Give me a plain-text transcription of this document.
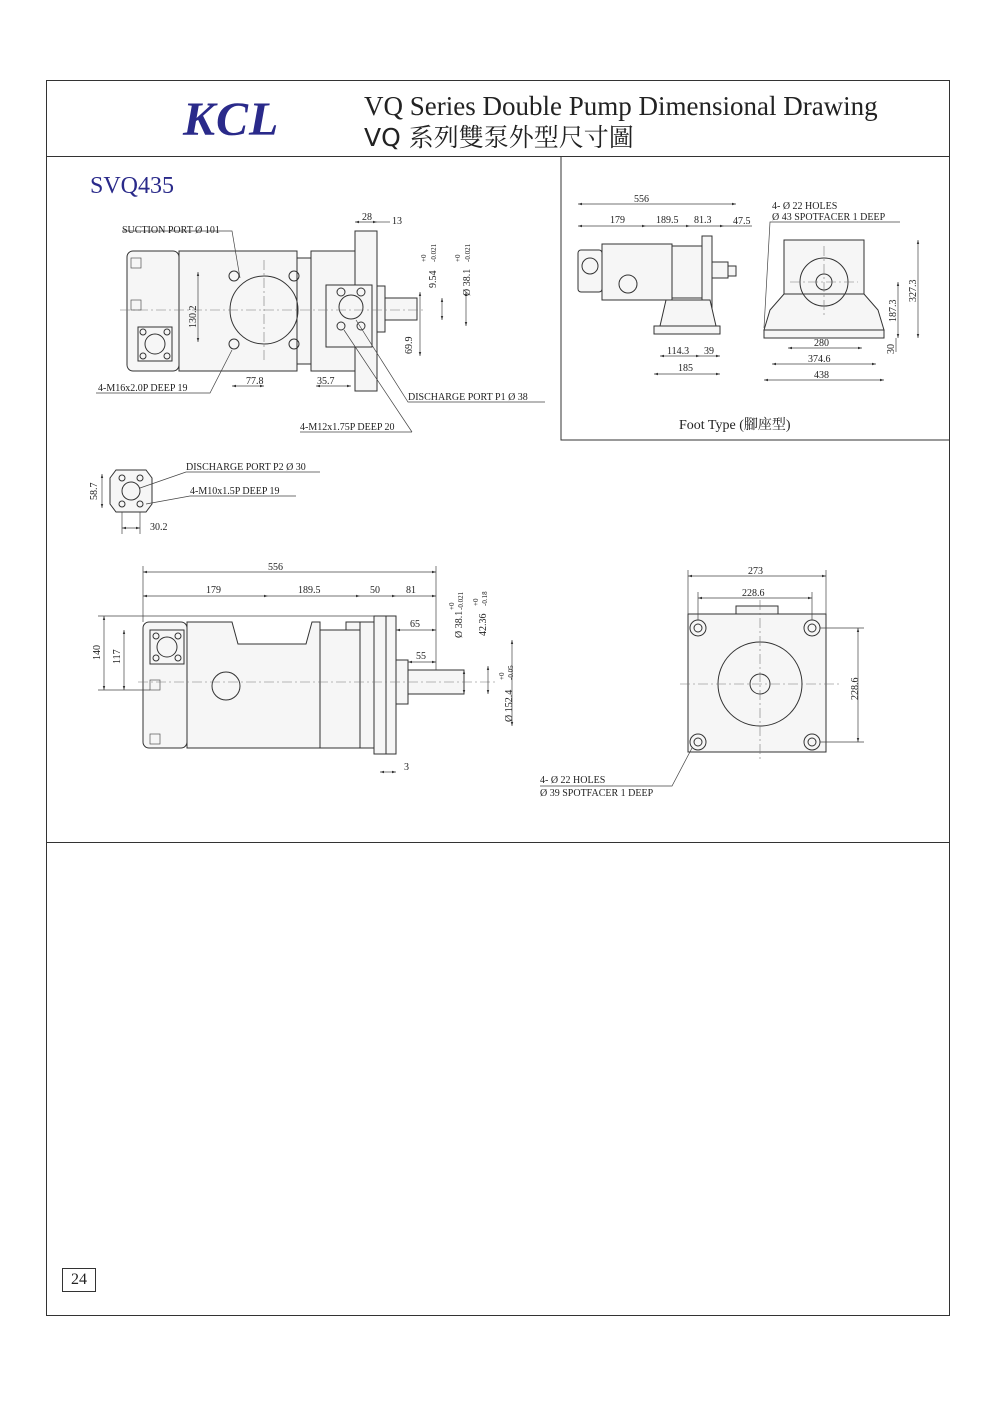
KCL	VQ Series Double Pump Dimensional Drawing
VQ 系列雙泵外型尺寸圖
SVQ435
24
SUCTION PORT Ø 101
4-M16x2.0P DEEP 19
DISCHARGE PORT P1 Ø 38
4-M12x1.75P DEEP 20
28 13
77.8	35.7
130.2
69.9
9.54
+0 -0.021
Ø 38.1
+0 -0.021
556
179	189.5 81.3 47.5
114.3 39
185
280
374.6
438
327.3
187.3
30
4- Ø 22 HOLES
Ø 43 SPOTFACER 1 DEEP
Foot Type (腳座型)
DISCHARGE PORT P2 Ø 30
4-M10x1.5P DEEP 19
58.7
30.2
556
179	189.5	50	81
65
55
3
140 117
Ø 38.1
+0 -0.021
42.36
+0 -0.18
Ø 152.4
+0 -0.05
273
228.6
228.6
4- Ø 22 HOLES
Ø 39 SPOTFACER 1 DEEP
